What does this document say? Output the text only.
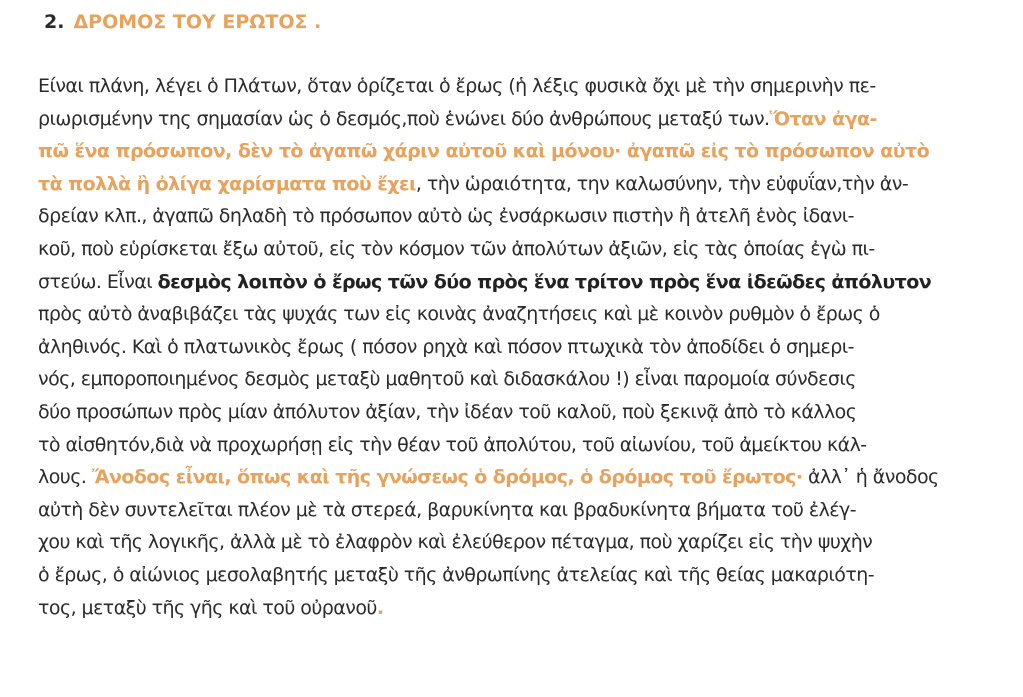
2. ΔΡΟΜΟΣ ΤΟΥ ΕΡΩΤΟΣ .
Είναι πλάνη, λέγει ὁ Πλάτων, ὅταν ὁρίζεται ὁ ἔρως (ἡ λέξις φυσικὰ ὄχι μὲ τὴν σημερινὴν πε-
ριωρισμένην της σημασίαν ὡς ὁ δεσμός,ποὺ ἑνώνει δύο ἀνθρώπους μεταξύ των.Ὅταν ἀγα-
πῶ ἕνα πρόσωπον, δὲν τὸ ἀγαπῶ χάριν αὐτοῦ καὶ μόνου· ἀγαπῶ εἰς τὸ πρόσωπον αὐτὸ
τὰ πολλὰ ἢ ὀλίγα χαρίσματα ποὺ ἔχει, τὴν ὡραιότητα, την καλωσύνην, τὴν εὐφυΐαν,τὴν ἀν-
δρείαν κλπ., ἀγαπῶ δηλαδὴ τὸ πρόσωπον αὐτὸ ὡς ἐνσάρκωσιν πιστὴν ἢ ἀτελῆ ἑνὸς ἰδανι-
κοῦ, ποὺ εὑρίσκεται ἔξω αὐτοῦ, εἰς τὸν κόσμον τῶν ἀπολύτων ἀξιῶν, εἰς τὰς ὁποίας ἐγὼ πι-
στεύω. Εἶναι δεσμὸς λοιπὸν ὁ ἔρως τῶν δύο πρὸς ἕνα τρίτον πρὸς ἕνα ἰδεῶδες ἀπόλυτον
πρὸς αὐτὸ ἀναβιβάζει τὰς ψυχάς των εἰς κοινὰς ἀναζητήσεις καὶ μὲ κοινὸν ρυθμὸν ὁ ἔρως ὁ
ἀληθινός. Καὶ ὁ πλατωνικὸς ἔρως ( πόσον ρηχὰ καὶ πόσον πτωχικὰ τὸν ἀποδίδει ὁ σημερι-
νός, εμποροποιημένος δεσμὸς μεταξὺ μαθητοῦ καὶ διδασκάλου !) εἶναι παρομοία σύνδεσις
δύο προσώπων πρὸς μίαν ἀπόλυτον ἀξίαν, τὴν ἰδέαν τοῦ καλοῦ, ποὺ ξεκινᾷ ἀπὸ τὸ κάλλος
τὸ αἰσθητόν,διὰ νὰ προχωρήσῃ εἰς τὴν θέαν τοῦ ἀπολύτου, τοῦ αἰωνίου, τοῦ ἀμείκτου κάλ-
λους. Ἄνοδος εἶναι, ὅπως καὶ τῆς γνώσεως ὁ δρόμος, ὁ δρόμος τοῦ ἔρωτος· ἀλλ᾽ ἡ ἄνοδος
αὐτὴ δὲν συντελεῖται πλέον μὲ τὰ στερεά, βαρυκίνητα και βραδυκίνητα βήματα τοῦ ἐλέγ-
χου καὶ τῆς λογικῆς, ἀλλὰ μὲ τὸ ἐλαφρὸν καὶ ἐλεύθερον πέταγμα, ποὺ χαρίζει εἰς τὴν ψυχὴν
ὁ ἔρως, ὁ αἰώνιος μεσολαβητής μεταξὺ τῆς ἀνθρωπίνης ἀτελείας καὶ τῆς θείας μακαριότη-
τος, μεταξὺ τῆς γῆς καὶ τοῦ οὐρανοῦ.
